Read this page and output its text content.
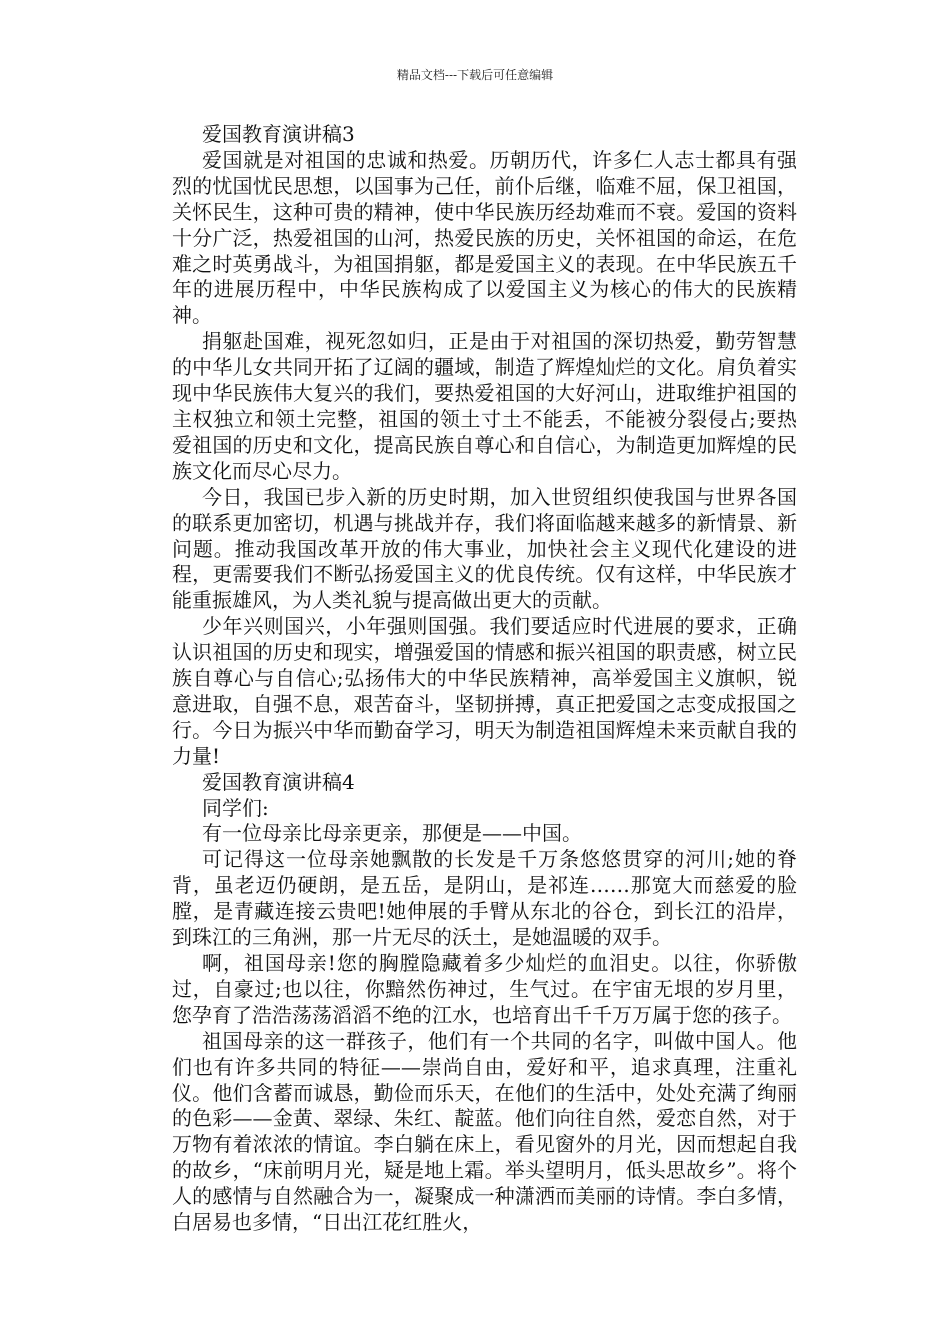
精品文档---下载后可任意编辑

爱国教育演讲稿3

爱国就是对祖国的忠诚和热爱。历朝历代，许多仁人志士都具有强烈的忧国忧民思想，以国事为己任，前仆后继，临难不屈，保卫祖国，关怀民生，这种可贵的精神，使中华民族历经劫难而不衰。爱国的资料十分广泛，热爱祖国的山河，热爱民族的历史，关怀祖国的命运，在危难之时英勇战斗，为祖国捐躯，都是爱国主义的表现。在中华民族五千年的进展历程中，中华民族构成了以爱国主义为核心的伟大的民族精神。

捐躯赴国难，视死忽如归，正是由于对祖国的深切热爱，勤劳智慧的中华儿女共同开拓了辽阔的疆域，制造了辉煌灿烂的文化。肩负着实现中华民族伟大复兴的我们，要热爱祖国的大好河山，进取维护祖国的主权独立和领土完整，祖国的领土寸土不能丢，不能被分裂侵占;要热爱祖国的历史和文化，提高民族自尊心和自信心，为制造更加辉煌的民族文化而尽心尽力。

今日，我国已步入新的历史时期，加入世贸组织使我国与世界各国的联系更加密切，机遇与挑战并存，我们将面临越来越多的新情景、新问题。推动我国改革开放的伟大事业，加快社会主义现代化建设的进程，更需要我们不断弘扬爱国主义的优良传统。仅有这样，中华民族才能重振雄风，为人类礼貌与提高做出更大的贡献。

少年兴则国兴，小年强则国强。我们要适应时代进展的要求，正确认识祖国的历史和现实，增强爱国的情感和振兴祖国的职责感，树立民族自尊心与自信心;弘扬伟大的中华民族精神，高举爱国主义旗帜，锐意进取，自强不息，艰苦奋斗，坚韧拼搏，真正把爱国之志变成报国之行。今日为振兴中华而勤奋学习，明天为制造祖国辉煌未来贡献自我的力量!

爱国教育演讲稿4

同学们:

有一位母亲比母亲更亲，那便是——中国。

可记得这一位母亲她飘散的长发是千万条悠悠贯穿的河川;她的脊背，虽老迈仍硬朗，是五岳，是阴山，是祁连……那宽大而慈爱的脸膛，是青藏连接云贵吧!她伸展的手臂从东北的谷仓，到长江的沿岸，到珠江的三角洲，那一片无尽的沃土，是她温暖的双手。

啊，祖国母亲!您的胸膛隐藏着多少灿烂的血泪史。以往，你骄傲过，自豪过;也以往，你黯然伤神过，生气过。在宇宙无垠的岁月里，您孕育了浩浩荡荡滔滔不绝的江水，也培育出千千万万属于您的孩子。

祖国母亲的这一群孩子，他们有一个共同的名字，叫做中国人。他们也有许多共同的特征——崇尚自由，爱好和平，追求真理，注重礼仪。他们含蓄而诚恳，勤俭而乐天，在他们的生活中，处处充满了绚丽的色彩——金黄、翠绿、朱红、靛蓝。他们向往自然，爱恋自然，对于万物有着浓浓的情谊。李白躺在床上，看见窗外的月光，因而想起自我的故乡，“床前明月光，疑是地上霜。举头望明月，低头思故乡”。将个人的感情与自然融合为一，凝聚成一种潇洒而美丽的诗情。李白多情，白居易也多情，“日出江花红胜火，
